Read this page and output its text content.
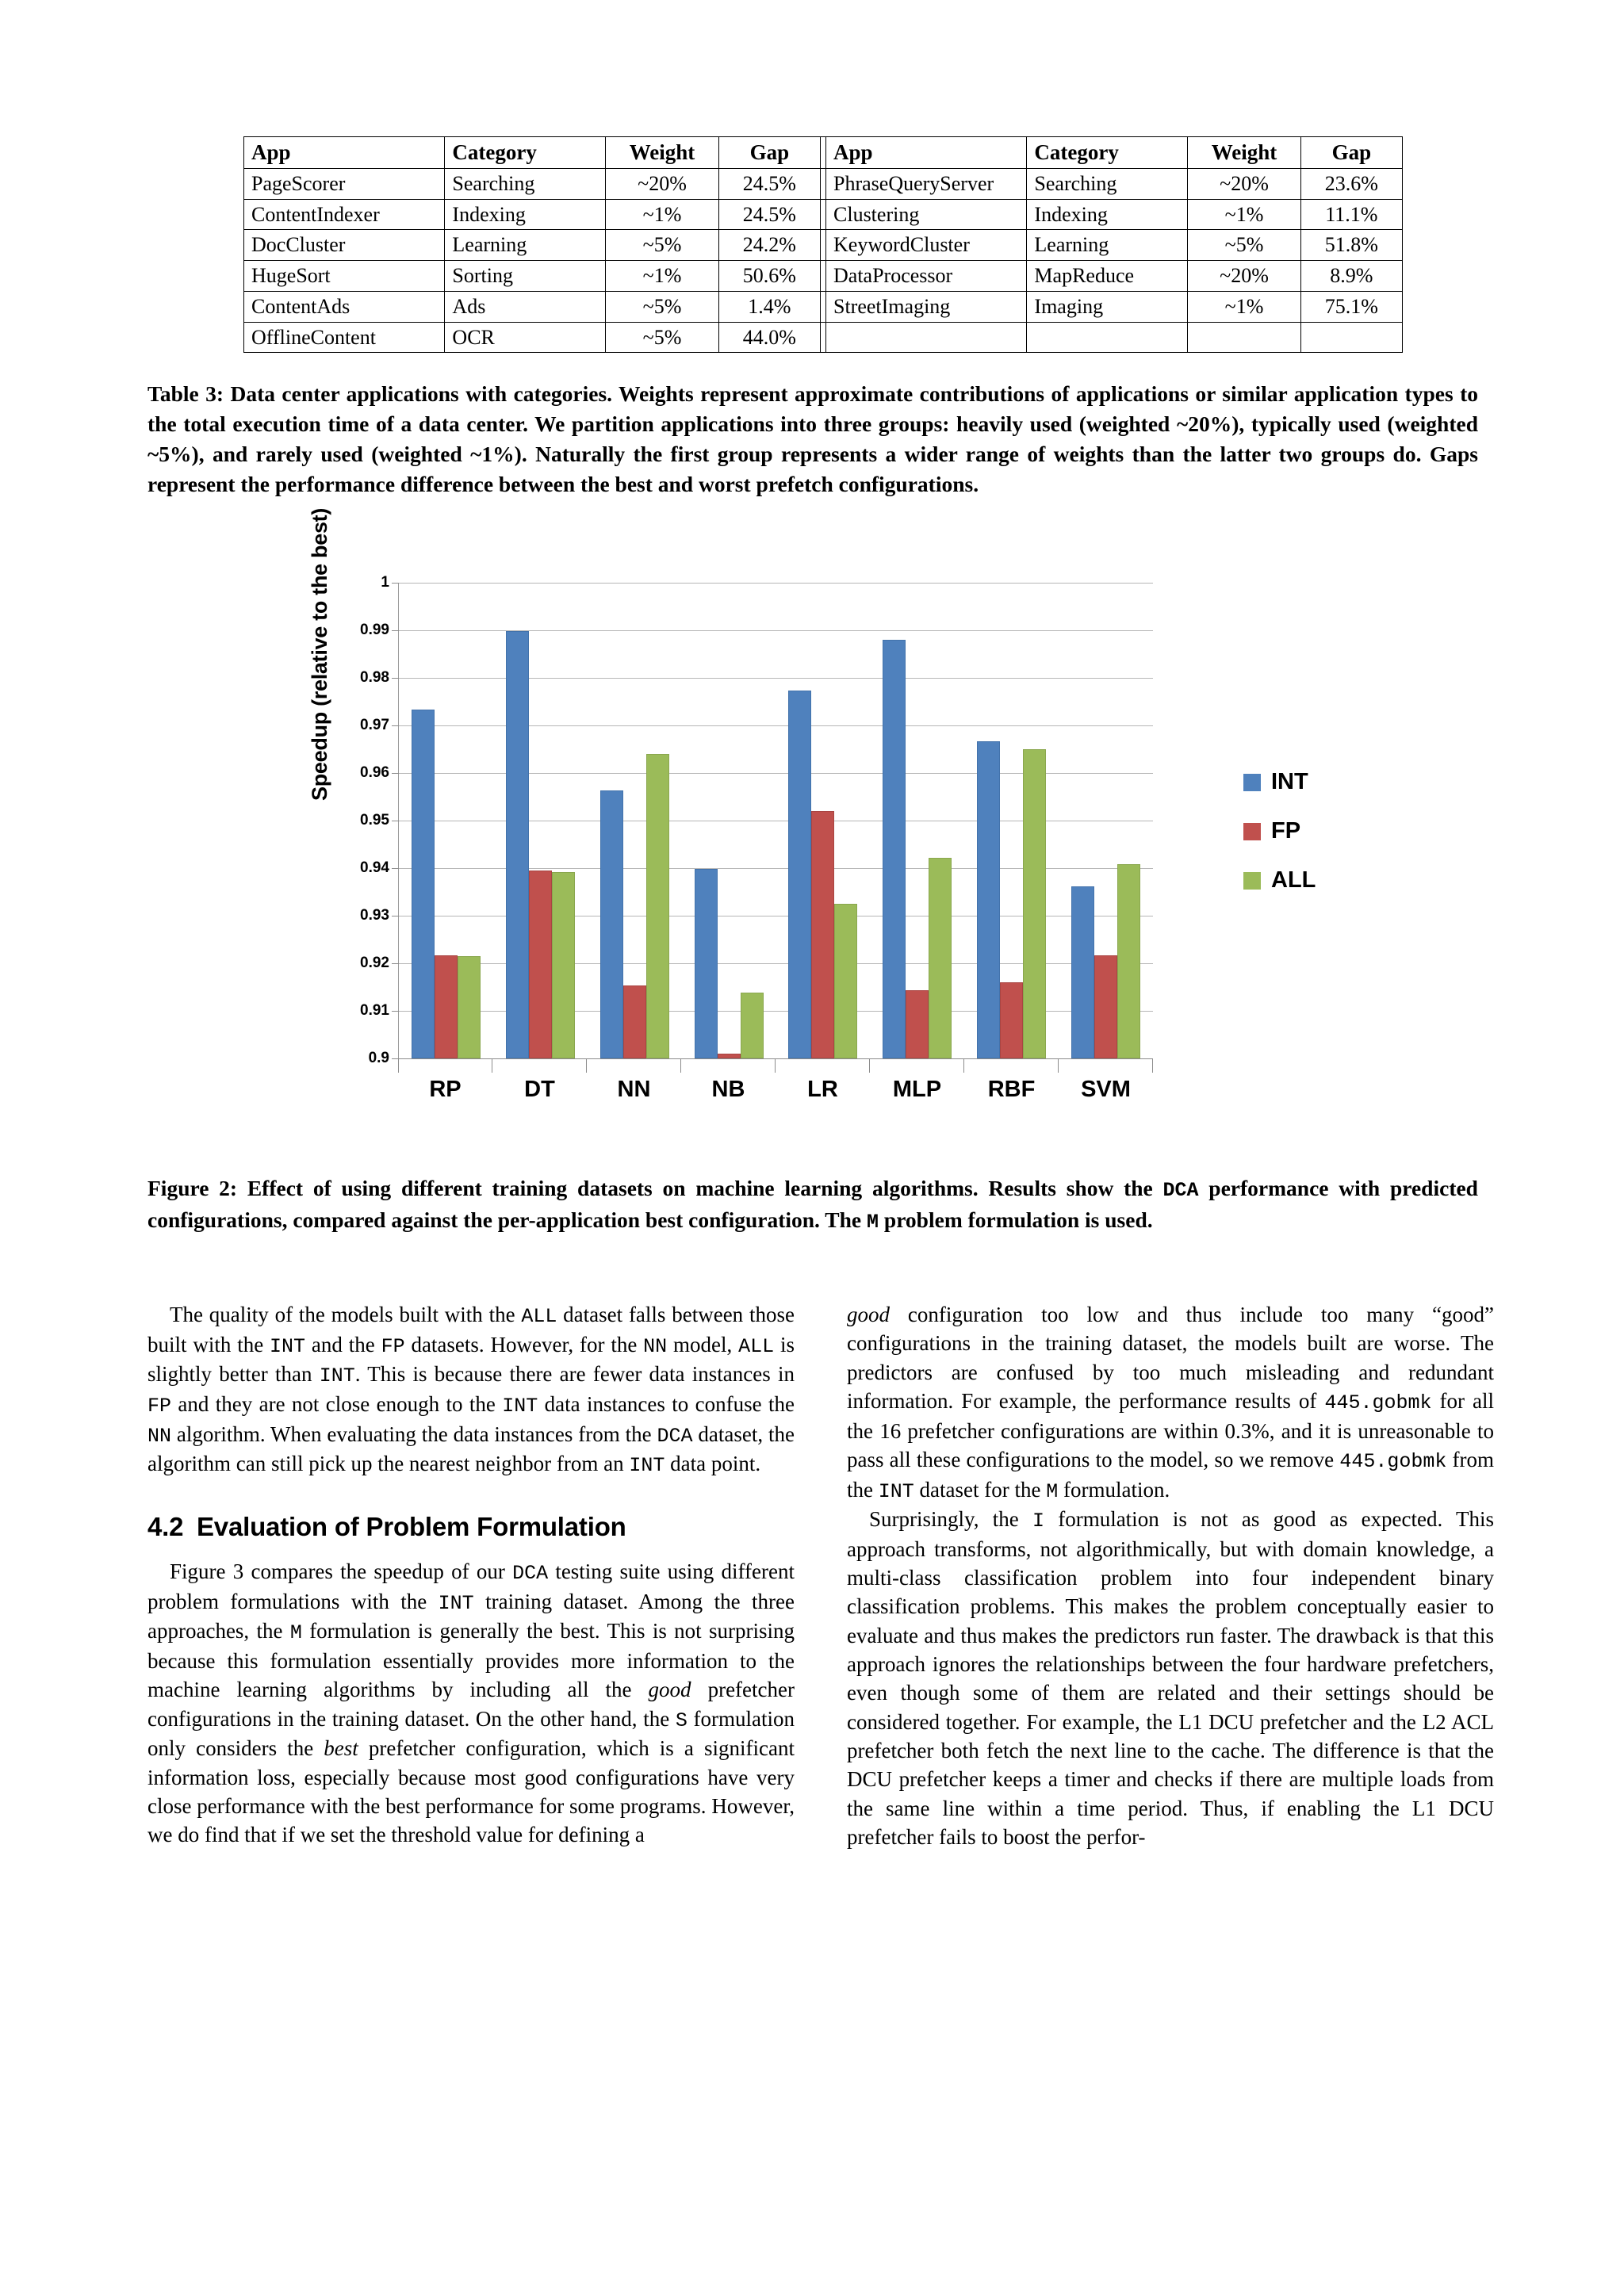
App	Category	Weight	Gap		App	Category	Weight	Gap
PageScorer	Searching	~20%	24.5%		PhraseQueryServer	Searching	~20%	23.6%
ContentIndexer	Indexing	~1%	24.5%		Clustering	Indexing	~1%	11.1%
DocCluster	Learning	~5%	24.2%		KeywordCluster	Learning	~5%	51.8%
HugeSort	Sorting	~1%	50.6%		DataProcessor	MapReduce	~20%	8.9%
ContentAds	Ads	~5%	1.4%		StreetImaging	Imaging	~1%	75.1%
OfflineContent	OCR	~5%	44.0%					
Table 3: Data center applications with categories. Weights represent approximate contributions of applications or similar application types to the total execution time of a data center. We partition applications into three groups: heavily used (weighted ~20%), typically used (weighted ~5%), and rarely used (weighted ~1%). Naturally the first group represents a wider range of weights than the latter two groups do. Gaps represent the performance difference between the best and worst prefetch configurations.
Speedup (relative to the best)
0.9
0.91
0.92
0.93
0.94
0.95
0.96
0.97
0.98
0.99
1
RP	DT	NN	NB	LR	MLP	RBF	SVM
INT
FP
ALL
Figure 2: Effect of using different training datasets on machine learning algorithms. Results show the DCA performance with predicted configurations, compared against the per-application best configuration. The M problem formulation is used.

The quality of the models built with the ALL dataset falls between those built with the INT and the FP datasets. However, for the NN model, ALL is slightly better than INT. This is because there are fewer data instances in FP and they are not close enough to the INT data instances to confuse the NN algorithm. When evaluating the data instances from the DCA dataset, the algorithm can still pick up the nearest neighbor from an INT data point.

4.2 Evaluation of Problem Formulation

Figure 3 compares the speedup of our DCA testing suite using different problem formulations with the INT training dataset. Among the three approaches, the M formulation is generally the best. This is not surprising because this formulation essentially provides more information to the machine learning algorithms by including all the good prefetcher configurations in the training dataset. On the other hand, the S formulation only considers the best prefetcher configuration, which is a significant information loss, especially because most good configurations have very close performance with the best performance for some programs. However, we do find that if we set the threshold value for defining a

good configuration too low and thus include too many “good” configurations in the training dataset, the models built are worse. The predictors are confused by too much misleading and redundant information. For example, the performance results of 445.gobmk for all the 16 prefetcher configurations are within 0.3%, and it is unreasonable to pass all these configurations to the model, so we remove 445.gobmk from the INT dataset for the M formulation.

Surprisingly, the I formulation is not as good as expected. This approach transforms, not algorithmically, but with domain knowledge, a multi-class classification problem into four independent binary classification problems. This makes the problem conceptually easier to evaluate and thus makes the predictors run faster. The drawback is that this approach ignores the relationships between the four hardware prefetchers, even though some of them are related and their settings should be considered together. For example, the L1 DCU prefetcher and the L2 ACL prefetcher both fetch the next line to the cache. The difference is that the DCU prefetcher keeps a timer and checks if there are multiple loads from the same line within a time period. Thus, if enabling the L1 DCU prefetcher fails to boost the perfor-
